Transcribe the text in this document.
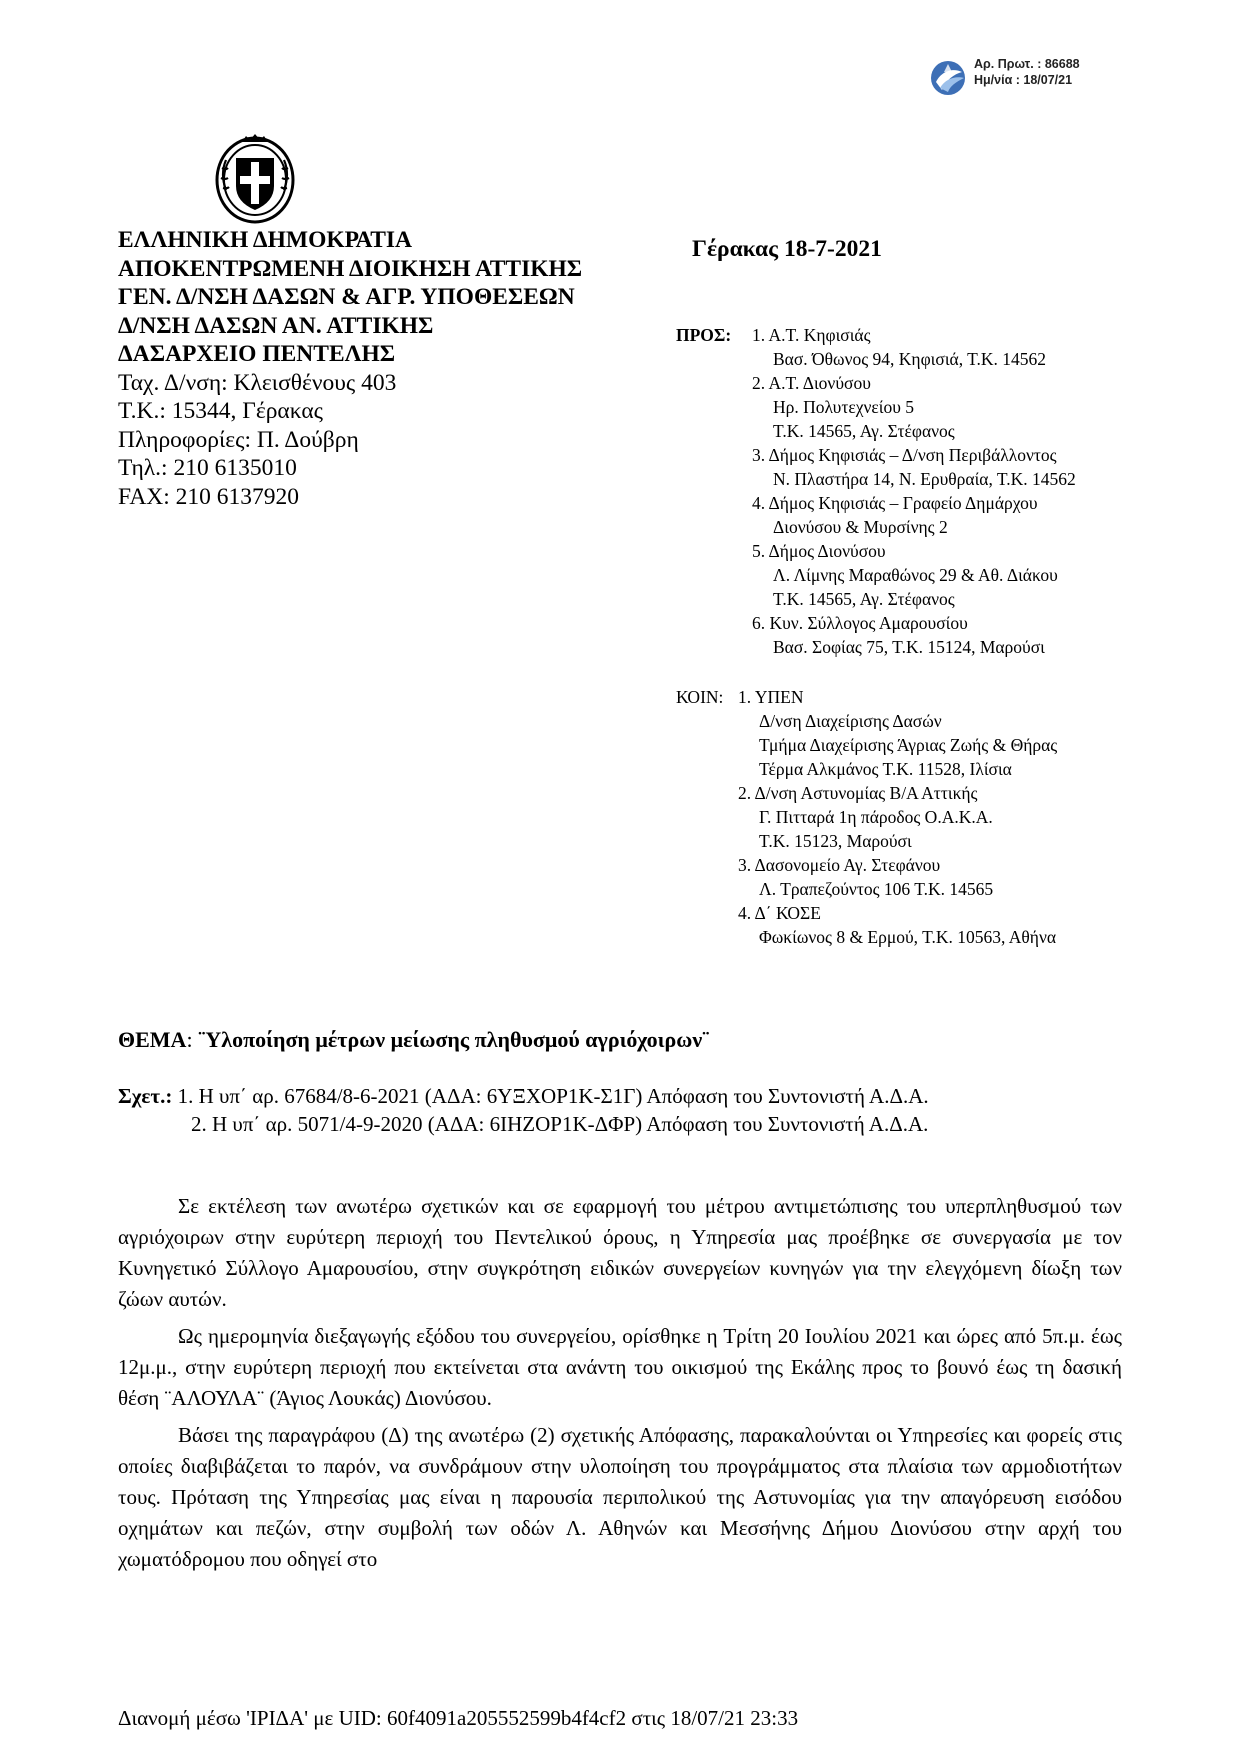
Αρ. Πρωτ. : 86688
Ημ/νία : 18/07/21
ΕΛΛΗΝΙΚΗ ΔΗΜΟΚΡΑΤΙΑ
ΑΠΟΚΕΝΤΡΩΜΕΝΗ ΔΙΟΙΚΗΣΗ ΑΤΤΙΚΗΣ
ΓΕΝ. Δ/ΝΣΗ ΔΑΣΩΝ & ΑΓΡ. ΥΠΟΘΕΣΕΩΝ
Δ/ΝΣΗ ΔΑΣΩΝ ΑΝ. ΑΤΤΙΚΗΣ
ΔΑΣΑΡΧΕΙΟ ΠΕΝΤΕΛΗΣ
Ταχ. Δ/νση: Κλεισθένους 403
Τ.Κ.: 15344, Γέρακας
Πληροφορίες: Π. Δούβρη
Τηλ.: 210 6135010
FAX: 210 6137920
Γέρακας 18-7-2021
ΠΡΟΣ: 1. Α.Τ. Κηφισιάς
Βασ. Όθωνος 94, Κηφισιά, Τ.Κ. 14562
2. Α.Τ. Διονύσου
Ηρ. Πολυτεχνείου 5
Τ.Κ. 14565, Αγ. Στέφανος
3. Δήμος Κηφισιάς – Δ/νση Περιβάλλοντος
Ν. Πλαστήρα 14, Ν. Ερυθραία, Τ.Κ. 14562
4. Δήμος Κηφισιάς – Γραφείο Δημάρχου
Διονύσου & Μυρσίνης 2
5. Δήμος Διονύσου
Λ. Λίμνης Μαραθώνος 29 & Αθ. Διάκου
Τ.Κ. 14565, Αγ. Στέφανος
6. Κυν. Σύλλογος Αμαρουσίου
Βασ. Σοφίας 75, Τ.Κ. 15124, Μαρούσι
ΚΟΙΝ: 1. ΥΠΕΝ
Δ/νση Διαχείρισης Δασών
Τμήμα Διαχείρισης Άγριας Ζωής & Θήρας
Τέρμα Αλκμάνος Τ.Κ. 11528, Ιλίσια
2. Δ/νση Αστυνομίας Β/Α Αττικής
Γ. Πιτταρά 1η πάροδος Ο.Α.Κ.Α.
Τ.Κ. 15123, Μαρούσι
3. Δασονομείο Αγ. Στεφάνου
Λ. Τραπεζούντος 106 Τ.Κ. 14565
4. Δ΄ ΚΟΣΕ
Φωκίωνος 8 & Ερμού, Τ.Κ. 10563, Αθήνα
ΘΕΜΑ: ¨Υλοποίηση μέτρων μείωσης πληθυσμού αγριόχοιρων¨
Σχετ.: 1. Η υπ΄ αρ. 67684/8-6-2021 (ΑΔΑ: 6ΥΞΧΟΡ1Κ-Σ1Γ) Απόφαση του Συντονιστή Α.Δ.Α.
2. Η υπ΄ αρ. 5071/4-9-2020 (ΑΔΑ: 6ΙΗΖΟΡ1Κ-ΔΦΡ) Απόφαση του Συντονιστή Α.Δ.Α.

Σε εκτέλεση των ανωτέρω σχετικών και σε εφαρμογή του μέτρου αντιμετώπισης του υπερπληθυσμού των αγριόχοιρων στην ευρύτερη περιοχή του Πεντελικού όρους, η Υπηρεσία μας προέβηκε σε συνεργασία με τον Κυνηγετικό Σύλλογο Αμαρουσίου, στην συγκρότηση ειδικών συνεργείων κυνηγών για την ελεγχόμενη δίωξη των ζώων αυτών.

Ως ημερομηνία διεξαγωγής εξόδου του συνεργείου, ορίσθηκε η Τρίτη 20 Ιουλίου 2021 και ώρες από 5π.μ. έως 12μ.μ., στην ευρύτερη περιοχή που εκτείνεται στα ανάντη του οικισμού της Εκάλης προς το βουνό έως τη δασική θέση ¨ΑΛΟΥΛΑ¨ (Άγιος Λουκάς) Διονύσου.

Βάσει της παραγράφου (Δ) της ανωτέρω (2) σχετικής Απόφασης, παρακαλούνται οι Υπηρεσίες και φορείς στις οποίες διαβιβάζεται το παρόν, να συνδράμουν στην υλοποίηση του προγράμματος στα πλαίσια των αρμοδιοτήτων τους. Πρόταση της Υπηρεσίας μας είναι η παρουσία περιπολικού της Αστυνομίας για την απαγόρευση εισόδου οχημάτων και πεζών, στην συμβολή των οδών Λ. Αθηνών και Μεσσήνης Δήμου Διονύσου στην αρχή του χωματόδρομου που οδηγεί στο

Διανομή μέσω 'ΙΡΙΔΑ' με UID: 60f4091a205552599b4f4cf2 στις 18/07/21 23:33
